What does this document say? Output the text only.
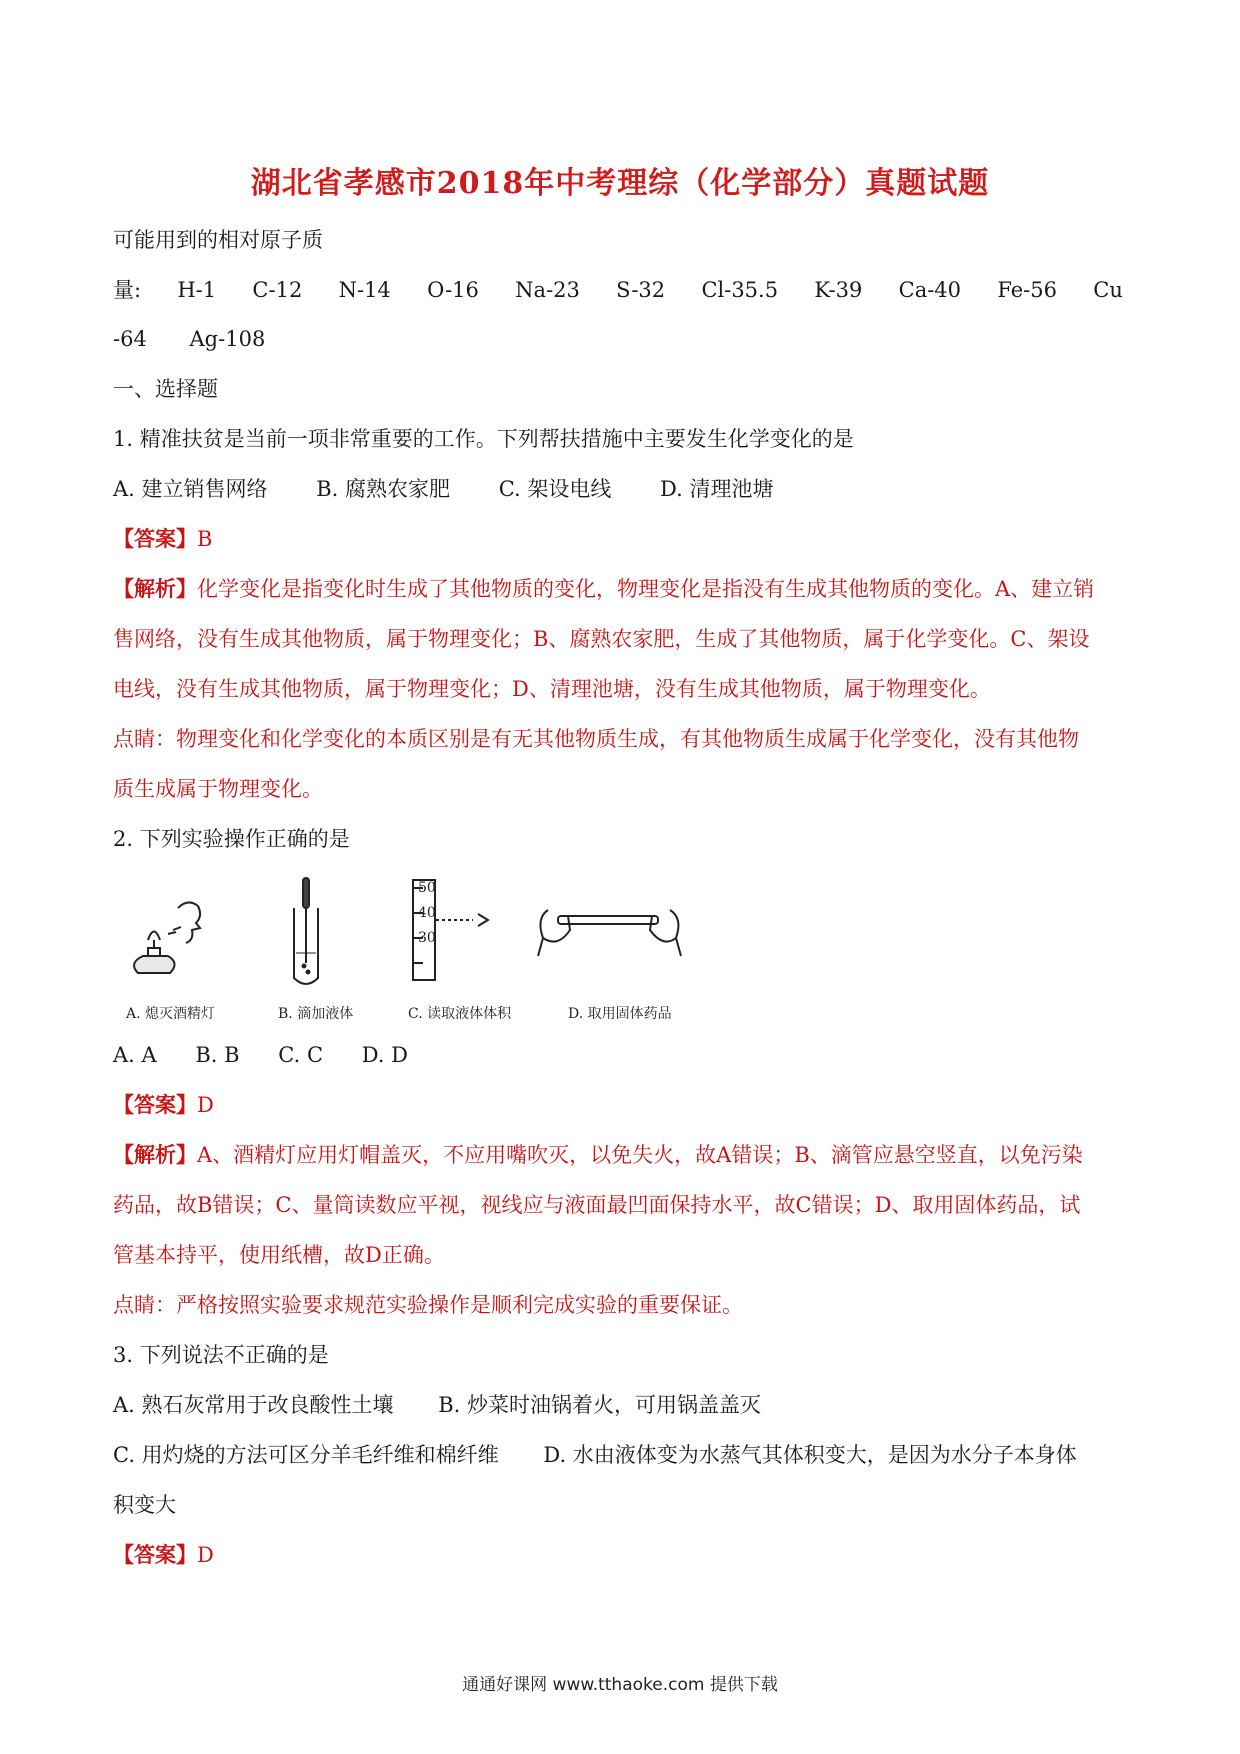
湖北省孝感市2018年中考理综（化学部分）真题试题
可能用到的相对原子质
量: H-1 C-12 N-14 O-16 Na-23 S-32 Cl-35.5 K-39 Ca-40 Fe-56 Cu
-64 Ag-108
一、选择题
1. 精准扶贫是当前一项非常重要的工作。下列帮扶措施中主要发生化学变化的是
A. 建立销售网络 B. 腐熟农家肥 C. 架设电线 D. 清理池塘
【答案】B
【解析】化学变化是指变化时生成了其他物质的变化，物理变化是指没有生成其他物质的变化。A、建立销
售网络，没有生成其他物质，属于物理变化；B、腐熟农家肥，生成了其他物质，属于化学变化。C、架设
电线，没有生成其他物质，属于物理变化；D、清理池塘，没有生成其他物质，属于物理变化。
点睛：物理变化和化学变化的本质区别是有无其他物质生成，有其他物质生成属于化学变化，没有其他物
质生成属于物理变化。
2. 下列实验操作正确的是
50
40
30
A. 熄灭酒精灯	B. 滴加液体	C. 读取液体体积	D. 取用固体药品
A. A B. B C. C D. D
【答案】D
【解析】A、酒精灯应用灯帽盖灭，不应用嘴吹灭，以免失火，故A错误；B、滴管应悬空竖直，以免污染
药品，故B错误；C、量筒读数应平视，视线应与液面最凹面保持水平，故C错误；D、取用固体药品，试
管基本持平，使用纸槽，故D正确。
点睛：严格按照实验要求规范实验操作是顺利完成实验的重要保证。
3. 下列说法不正确的是
A. 熟石灰常用于改良酸性土壤 B. 炒菜时油锅着火，可用锅盖盖灭
C. 用灼烧的方法可区分羊毛纤维和棉纤维 D. 水由液体变为水蒸气其体积变大，是因为水分子本身体
积变大
【答案】D
通通好课网 www.tthaoke.com 提供下载
